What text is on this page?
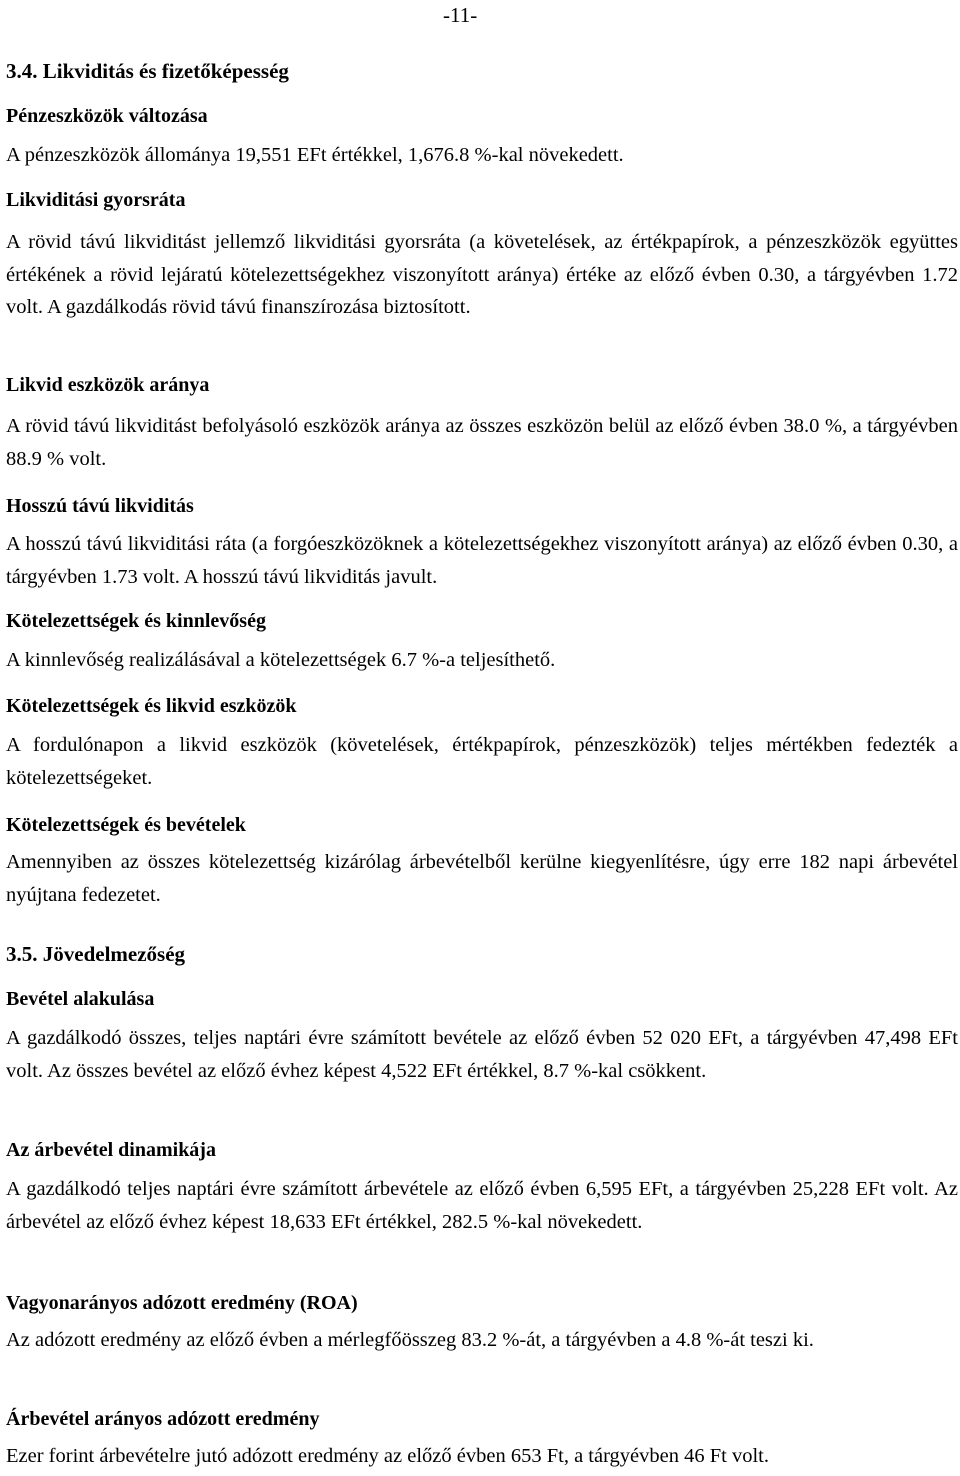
-11-
3.4. Likviditás és fizetőképesség
Pénzeszközök változása
A pénzeszközök állománya 19,551 EFt értékkel, 1,676.8 %-kal növekedett.
Likviditási gyorsráta
A rövid távú likviditást jellemző likviditási gyorsráta (a követelések, az értékpapírok, a pénzeszközök együttes értékének a rövid lejáratú kötelezettségekhez viszonyított aránya) értéke az előző évben 0.30, a tárgyévben 1.72 volt. A gazdálkodás rövid távú finanszírozása biztosított.
Likvid eszközök aránya
A rövid távú likviditást befolyásoló eszközök aránya az összes eszközön belül az előző évben 38.0 %, a tárgyévben 88.9 % volt.
Hosszú távú likviditás
A hosszú távú likviditási ráta (a forgóeszközöknek a kötelezettségekhez viszonyított aránya) az előző évben 0.30, a tárgyévben 1.73 volt. A hosszú távú likviditás javult.
Kötelezettségek és kinnlevőség
A kinnlevőség realizálásával a kötelezettségek 6.7 %-a teljesíthető.
Kötelezettségek és likvid eszközök
A fordulónapon a likvid eszközök (követelések, értékpapírok, pénzeszközök) teljes mértékben fedezték a kötelezettségeket.
Kötelezettségek és bevételek
Amennyiben az összes kötelezettség kizárólag árbevételből kerülne kiegyenlítésre, úgy erre 182 napi árbevétel nyújtana fedezetet.
3.5. Jövedelmezőség
Bevétel alakulása
A gazdálkodó összes, teljes naptári évre számított bevétele az előző évben 52 020 EFt, a tárgyévben 47,498 EFt volt. Az összes bevétel az előző évhez képest 4,522 EFt értékkel, 8.7 %-kal csökkent.
Az árbevétel dinamikája
A gazdálkodó teljes naptári évre számított árbevétele az előző évben 6,595 EFt, a tárgyévben 25,228 EFt volt. Az árbevétel az előző évhez képest 18,633 EFt értékkel, 282.5 %-kal növekedett.
Vagyonarányos adózott eredmény (ROA)
Az adózott eredmény az előző évben a mérlegfőösszeg 83.2 %-át, a tárgyévben a 4.8 %-át teszi ki.
Árbevétel arányos adózott eredmény
Ezer forint árbevételre jutó adózott eredmény az előző évben 653 Ft, a tárgyévben 46 Ft volt.
